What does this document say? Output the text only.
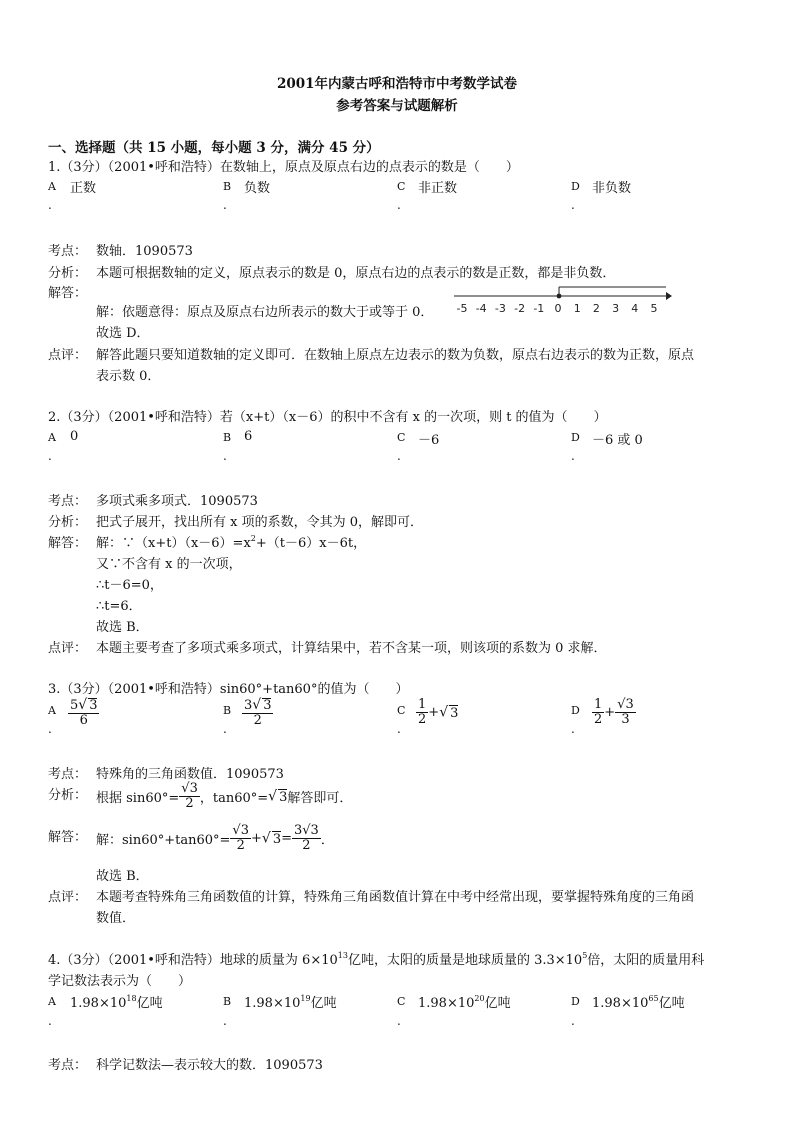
2001年内蒙古呼和浩特市中考数学试卷
参考答案与试题解析
一、选择题（共 15 小题，每小题 3 分，满分 45 分）
1.（3分）（2001•呼和浩特）在数轴上，原点及原点右边的点表示的数是（　　）
A 正数
.
B 负数
.
C 非正数
.
D 非负数
.
考点： 数轴．1090573
分析： 本题可根据数轴的定义，原点表示的数是 0，原点右边的点表示的数是正数，都是非负数．
解答：
解：依题意得：原点及原点右边所表示的数大于或等于 0． -5 -4 -3 -2 -1 0 1 2 3 4 5
故选 D．
点评： 解答此题只要知道数轴的定义即可．在数轴上原点左边表示的数为负数，原点右边表示的数为正数，原点
表示数 0．
2.（3分）（2001•呼和浩特）若（x+t）（x－6）的积中不含有 x 的一次项，则 t 的值为（　　）
A 0
.
B 6
.
C －6
.
D －6 或 0
.
考点： 多项式乘多项式．1090573
分析： 把式子展开，找出所有 x 项的系数，令其为 0，解即可．
解答： 解：$\because(x+t)(x-6)=x^2+(t-6)x-6t$，
又∵不含有 x 的一次项，
∴t－6=0，
∴t=6．
故选 B．
点评： 本题主要考查了多项式乘多项式，计算结果中，若不含某一项，则该项的系数为 0 求解．
3.（3分）（2001•呼和浩特）sin60°+tan60°的值为（　　）
A $\frac{5√ 3}{6}$
.
B $\frac{3√ 3}{2}$
.
C $\frac{1}{2}$ +√ 3
.
D $\frac{1}{2} + \frac{√3}{3}$
.
考点： 特殊角的三角函数值．1090573
分析： 根据 $\sin 60^\circ= \frac{√3}{2}$ ，tan60°=√ 3解答即可．
解答： 解：$\sin 60^\circ+\tan 60^\circ= \frac{√3}{2}$ +√ $3= \frac{3√3}{2}$ ．
故选 B．
点评： 本题考查特殊角三角函数值的计算，特殊角三角函数值计算在中考中经常出现，要掌握特殊角度的三角函
数值．
4.（3分）（2001•呼和浩特）地球的质量为 $6\times 10^{13}$亿吨，太阳的质量是地球质量的 $3.3\times 10^5$倍，太阳的质量用科
学记数法表示为（　　）
A $1.98\times 10^{18}$亿吨
.
B $1.98\times 10^{19}$亿吨
.
C $1.98\times 10^{20}$亿吨
.
D $1.98\times 10^{65}$亿吨
.
考点： 科学记数法—表示较大的数．1090573
